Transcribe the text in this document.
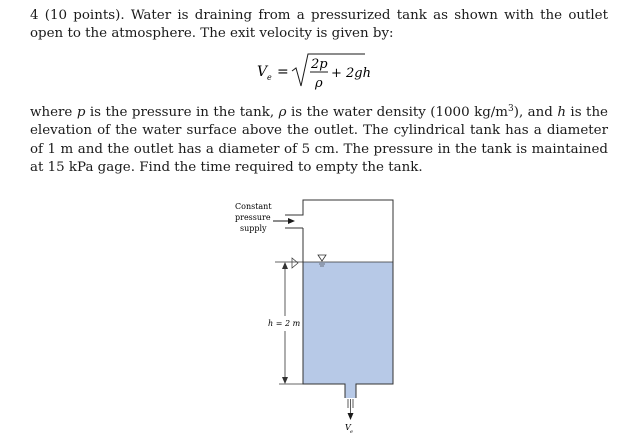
4 (10 points). Water is draining from a pressurized tank as shown with the outlet open to the atmosphere. The exit velocity is given by:

V e = 2p
ρ
+ 2gh

where p is the pressure in the tank, ρ is the water density (1000 $kg/m^3$), and h is the elevation of the water surface above the outlet. The cylindrical tank has a diameter of 1 m and the outlet has a diameter of 5 cm. The pressure in the tank is maintained at 15 kPa gage. Find the time required to empty the tank.

Constant
pressure
supply
h = 2 m
V e
